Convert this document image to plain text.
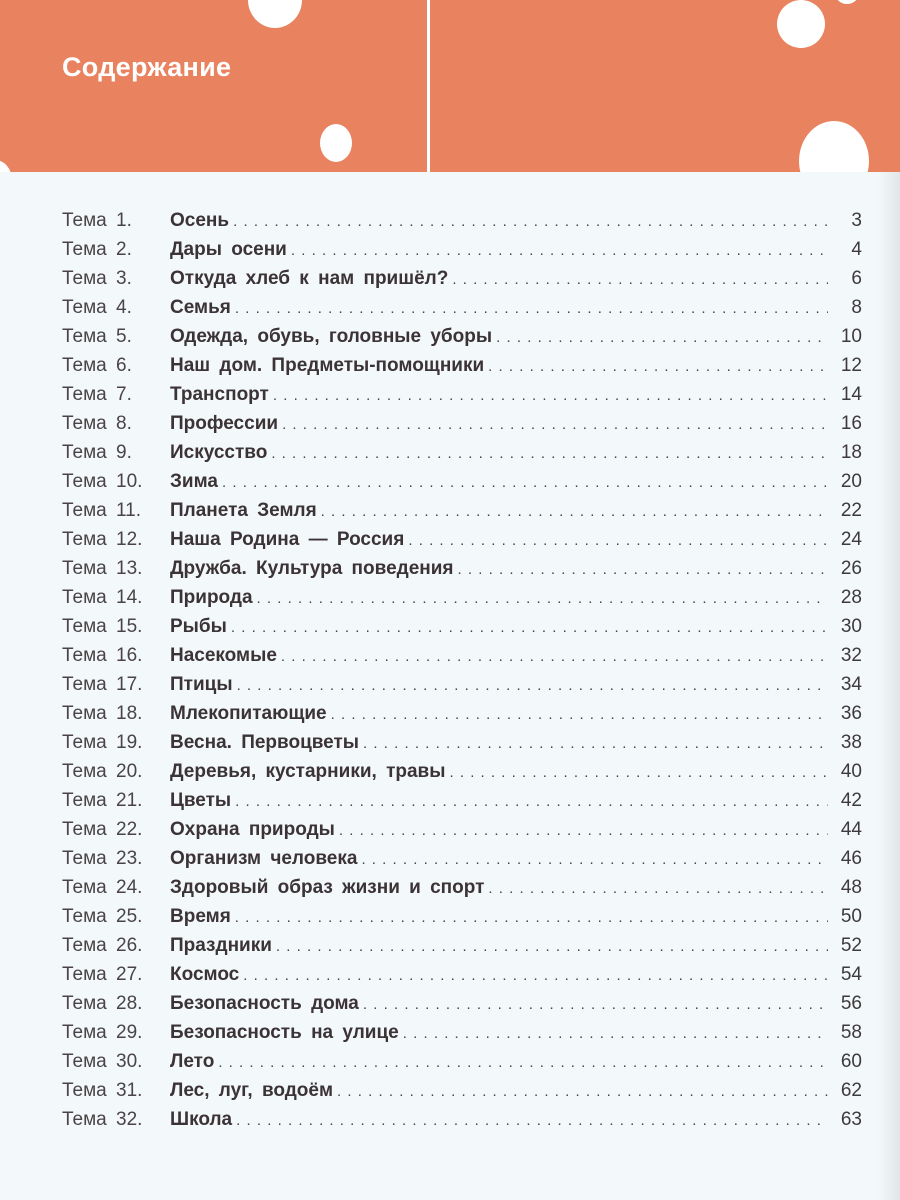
Содержание
Тема 1.	Осень .....	3
Тема 2.	Дары осени .....	4
Тема 3.	Откуда хлеб к нам пришёл? .....	6
Тема 4.	Семья .....	8
Тема 5.	Одежда, обувь, головные уборы .....	10
Тема 6.	Наш дом. Предметы-помощники .....	12
Тема 7.	Транспорт .....	14
Тема 8.	Профессии .....	16
Тема 9.	Искусство .....	18
Тема 10.	Зима .....	20
Тема 11.	Планета Земля .....	22
Тема 12.	Наша Родина — Россия .....	24
Тема 13.	Дружба. Культура поведения .....	26
Тема 14.	Природа .....	28
Тема 15.	Рыбы .....	30
Тема 16.	Насекомые .....	32
Тема 17.	Птицы .....	34
Тема 18.	Млекопитающие .....	36
Тема 19.	Весна. Первоцветы .....	38
Тема 20.	Деревья, кустарники, травы .....	40
Тема 21.	Цветы .....	42
Тема 22.	Охрана природы .....	44
Тема 23.	Организм человека .....	46
Тема 24.	Здоровый образ жизни и спорт .....	48
Тема 25.	Время .....	50
Тема 26.	Праздники .....	52
Тема 27.	Космос .....	54
Тема 28.	Безопасность дома .....	56
Тема 29.	Безопасность на улице .....	58
Тема 30.	Лето .....	60
Тема 31.	Лес, луг, водоём .....	62
Тема 32.	Школа .....	63
